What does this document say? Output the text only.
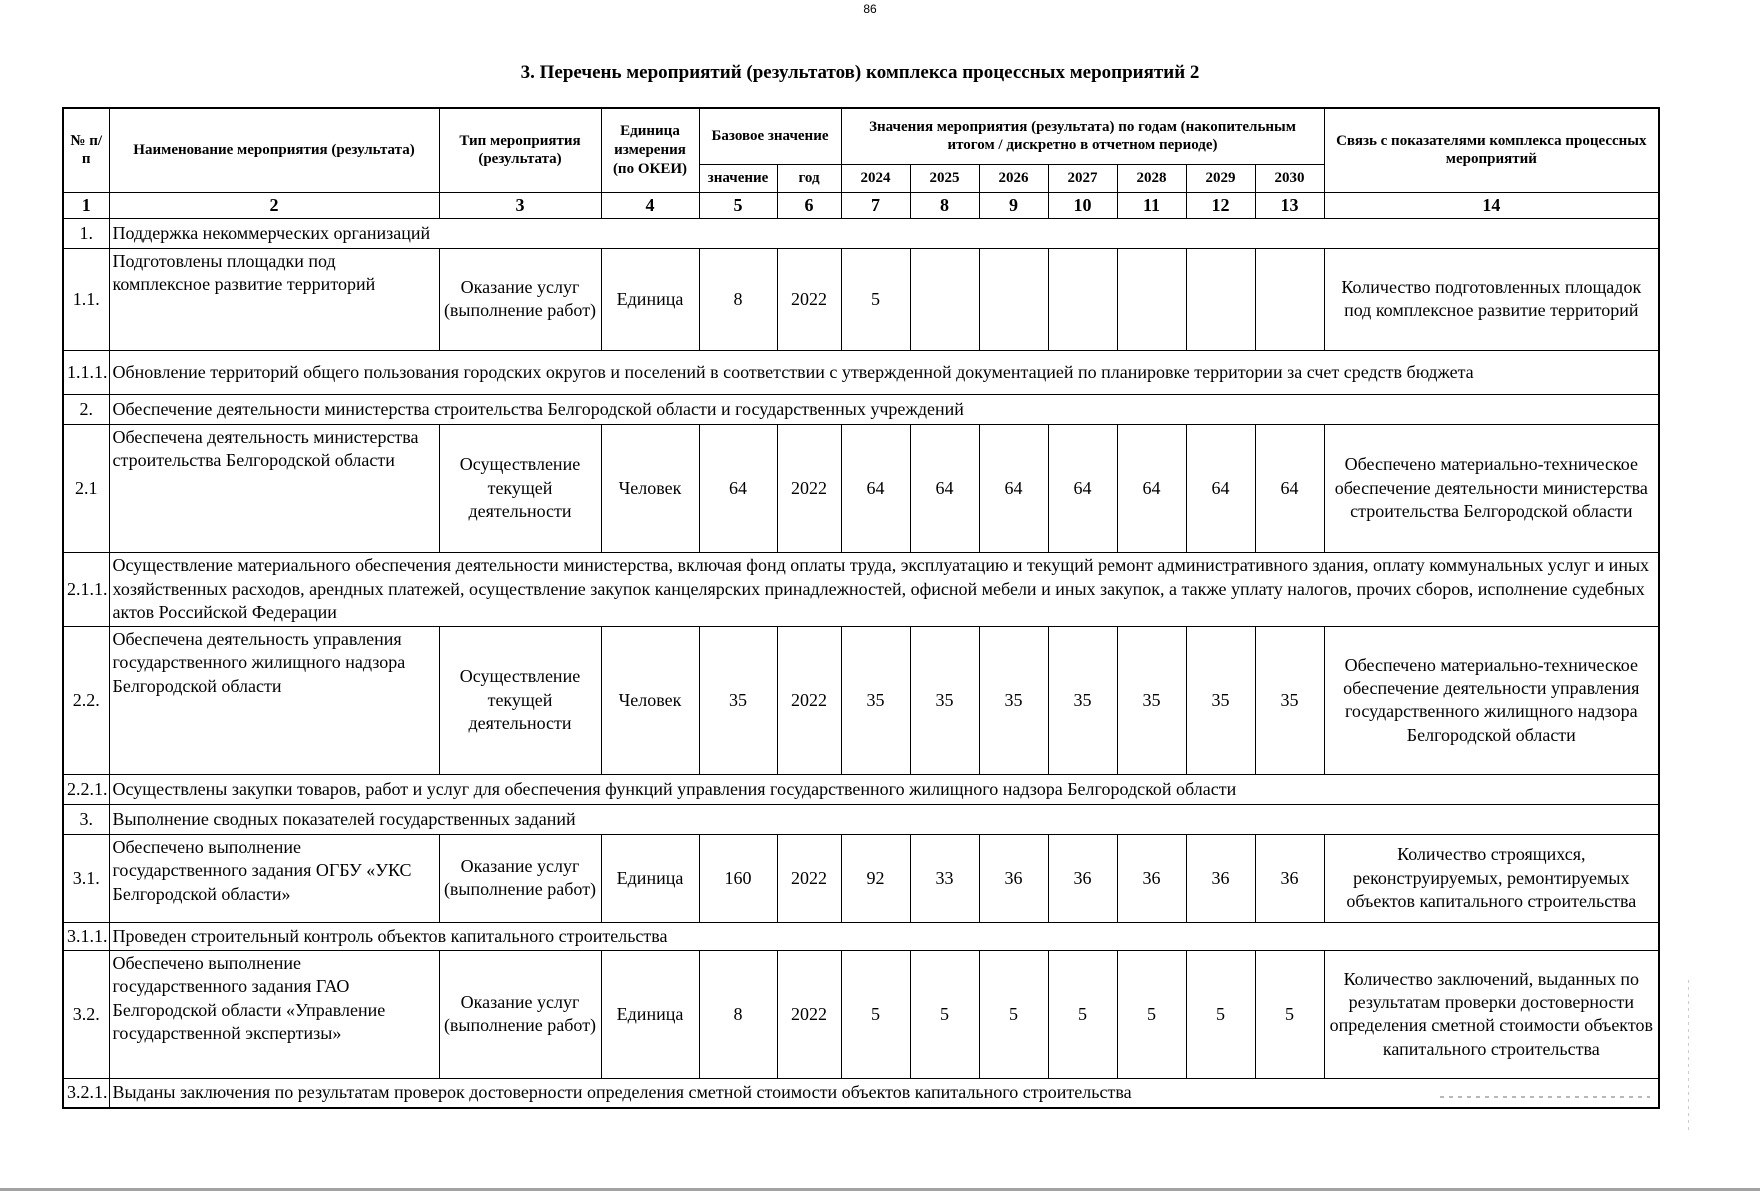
86
3. Перечень мероприятий (результатов) комплекса процессных мероприятий 2
№ п/п	Наименование мероприятия (результата)	Тип мероприятия (результата)	Единица измерения (по ОКЕИ)	Базовое значение		Значения мероприятия (результата) по годам (накопительным итогом / дискретно в отчетном периоде)							Связь с показателями комплекса процессных мероприятий
				значение	год	2024	2025	2026	2027	2028	2029	2030	
1	2	3	4	5	6	7	8	9	10	11	12	13	14
1.	Поддержка некоммерческих организаций												
1.1.	Подготовлены площадки под комплексное развитие территорий	Оказание услуг (выполнение работ)	Единица	8	2022	5							Количество подготовленных площадок под комплексное развитие территорий
1.1.1.	Обновление территорий общего пользования городских округов и поселений в соответствии с утвержденной документацией по планировке территории за счет средств бюджета												
2.	Обеспечение деятельности министерства строительства Белгородской области и государственных учреждений												
2.1	Обеспечена деятельность министерства строительства Белгородской области	Осуществление текущей деятельности	Человек	64	2022	64	64	64	64	64	64	64	Обеспечено материально-техническое обеспечение деятельности министерства строительства Белгородской области
2.1.1.	Осуществление материального обеспечения деятельности министерства, включая фонд оплаты труда, эксплуатацию и текущий ремонт административного здания, оплату коммунальных услуг и иных хозяйственных расходов, арендных платежей, осуществление закупок канцелярских принадлежностей, офисной мебели и иных закупок, а также уплату налогов, прочих сборов, исполнение судебных актов Российской Федерации												
2.2.	Обеспечена деятельность управления государственного жилищного надзора Белгородской области	Осуществление текущей деятельности	Человек	35	2022	35	35	35	35	35	35	35	Обеспечено материально-техническое обеспечение деятельности управления государственного жилищного надзора Белгородской области
2.2.1.	Осуществлены закупки товаров, работ и услуг для обеспечения функций управления государственного жилищного надзора Белгородской области												
3.	Выполнение сводных показателей государственных заданий												
3.1.	Обеспечено выполнение государственного задания ОГБУ «УКС Белгородской области»	Оказание услуг (выполнение работ)	Единица	160	2022	92	33	36	36	36	36	36	Количество строящихся, реконструируемых, ремонтируемых объектов капитального строительства
3.1.1.	Проведен строительный контроль объектов капитального строительства												
3.2.	Обеспечено выполнение государственного задания ГАО Белгородской области «Управление государственной экспертизы»	Оказание услуг (выполнение работ)	Единица	8	2022	5	5	5	5	5	5	5	Количество заключений, выданных по результатам проверки достоверности определения сметной стоимости объектов капитального строительства
3.2.1.	Выданы заключения по результатам проверок достоверности определения сметной стоимости объектов капитального строительства												
